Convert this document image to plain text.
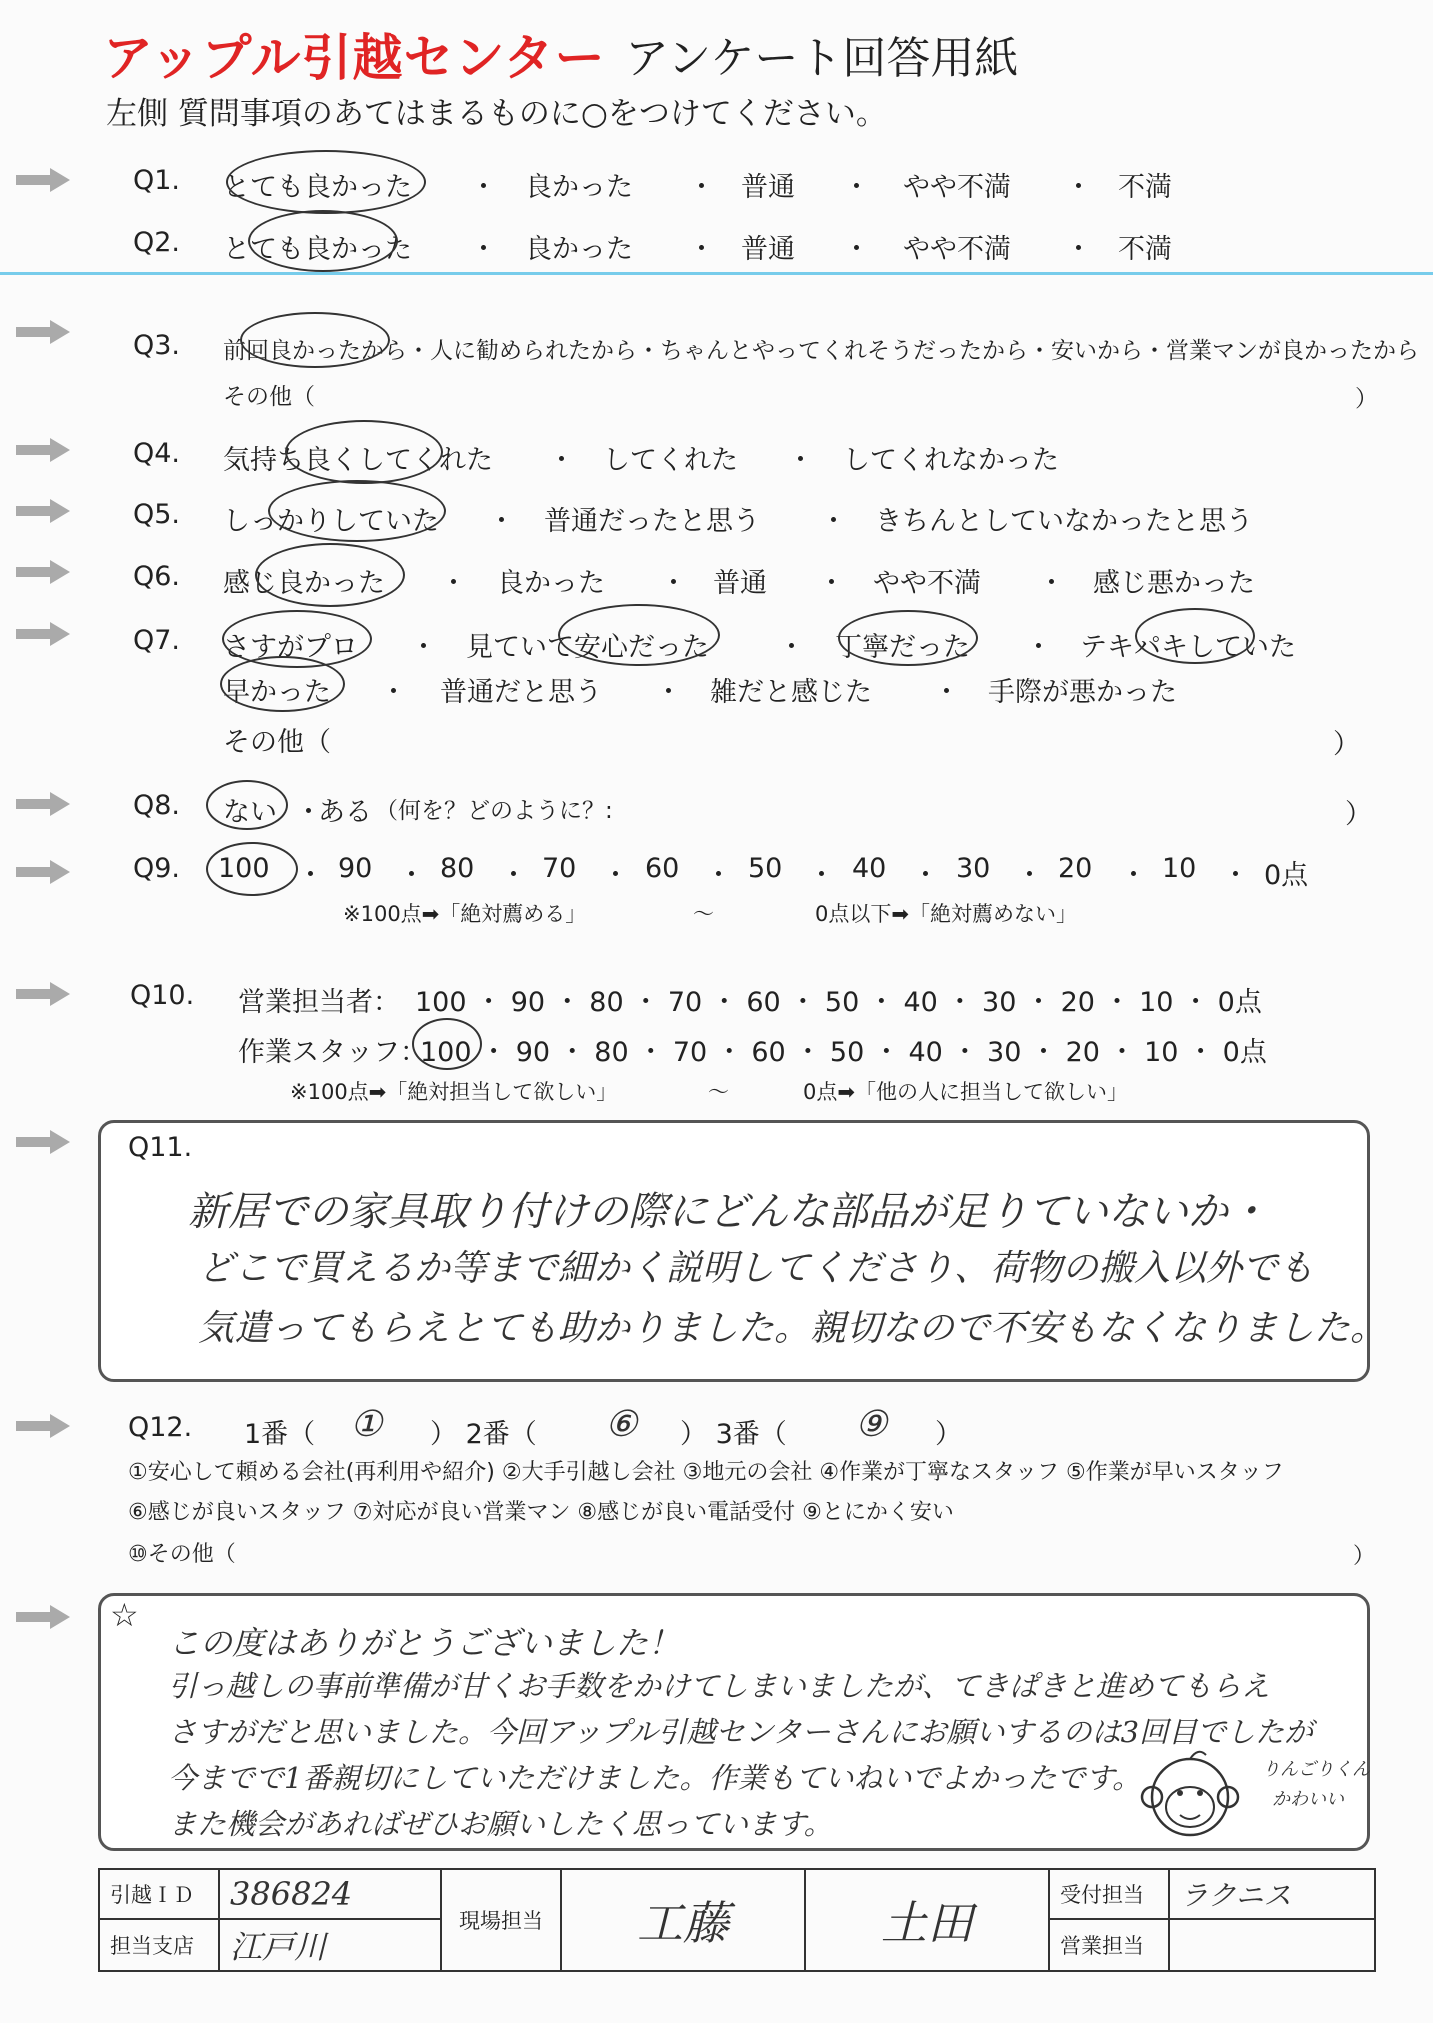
アップル引越センター アンケート回答用紙
左側 質問事項のあてはまるものに○をつけてください。
Q1. とても良かった ・ 良かった ・ 普通 ・ やや不満 ・ 不満
Q2. とても良かった ・ 良かった ・ 普通 ・ やや不満 ・ 不満
Q3. 前回良かったから・人に勧められたから・ちゃんとやってくれそうだったから・安いから・営業マンが良かったから
その他（	）
Q4. 気持ち良くしてくれた ・ してくれた ・ してくれなかった
Q5. しっかりしていた ・ 普通だったと思う ・ きちんとしていなかったと思う
Q6. 感じ良かった ・ 良かった ・ 普通 ・ やや不満 ・ 感じ悪かった
Q7. さすがプロ ・ 見ていて安心だった	・ 丁寧だった ・ テキパキしていた
早かった ・ 普通だと思う ・ 雑だと感じた ・ 手際が悪かった
その他（	）
Q8. ない ・
ある （何を？どのように？:	）
Q9. 100 ・ 90 ・ 80 ・ 70 ・ 60 ・ 50 ・ 40 ・ 30 ・ 20 ・ 10 ・ 0点
※100点➡「絶対薦める」	〜	0点以下➡「絶対薦めない」
Q10. 営業担当者： 100 ・ 90 ・ 80 ・ 70 ・ 60 ・ 50 ・ 40 ・ 30 ・ 20 ・ 10 ・ 0点
作業スタッフ：
100 ・ 90 ・ 80 ・ 70 ・ 60 ・ 50 ・ 40 ・ 30 ・ 20 ・ 10 ・ 0点
※100点➡「絶対担当して欲しい」	〜	0点➡「他の人に担当して欲しい」
Q11.
新居での家具取り付けの際にどんな部品が足りていないか・
どこで買えるか等まで細かく説明してくださり、荷物の搬入以外でも
気遣ってもらえとても助かりました。親切なので不安もなくなりました。
Q12. 1番（ ① ） 2番（ ⑥ ） 3番（ ⑨ ）
①安心して頼める会社(再利用や紹介) ②大手引越し会社 ③地元の会社 ④作業が丁寧なスタッフ ⑤作業が早いスタッフ
⑥感じが良いスタッフ ⑦対応が良い営業マン ⑧感じが良い電話受付 ⑨とにかく安い
⑩その他（	）
☆
この度はありがとうございました！
引っ越しの事前準備が甘くお手数をかけてしまいましたが、てきぱきと進めてもらえ
さすがだと思いました。今回アップル引越センターさんにお願いするのは3回目でしたが
今までで1番親切にしていただけました。作業もていねいでよかったです。
また機会があればぜひお願いしたく思っています。
りんごりくん
かわいい
引越ＩＤ	386824	現場担当	工藤	土田	受付担当	ラクニス
担当支店	江戸川				営業担当	
